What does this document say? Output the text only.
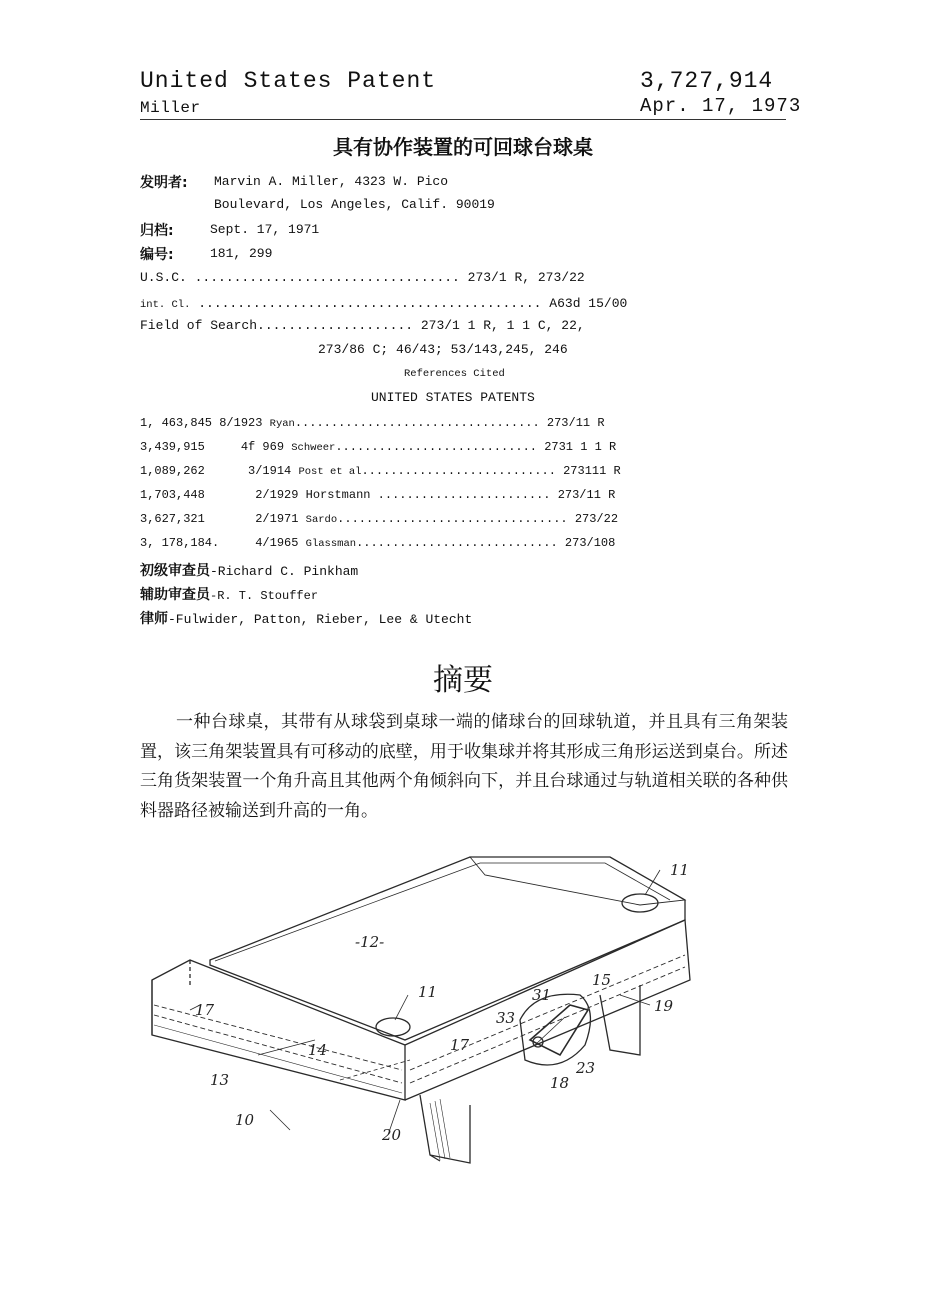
United States Patent	3,727,914
Miller	Apr. 17, 1973
具有协作装置的可回球台球桌
发明者: Marvin A. Miller, 4323 W. Pico
Boulevard, Los Angeles, Calif. 90019
归档:	Sept. 17, 1971
编号:	181, 299
U.S.C. .................................. 273/1 R, 273/22
int. Cl. ............................................ A63d 15/00
Field of Search.................... 273/1 1 R, 1 1 C, 22,
273/86 C; 46/43; 53/143,245, 246
References Cited
UNITED STATES PATENTS
1, 463,845 8/1923 Ryan.................................. 273/11 R
3,439,915	4f 969 Schweer............................ 2731 1 1 R
1,089,262	3/1914 Post et al........................... 273111 R
1,703,448	2/1929 Horstmann ........................ 273/11 R
3,627,321	2/1971 Sardo................................ 273/22
3, 178,184.	4/1965 Glassman............................ 273/108
初级审查员-Richard C. Pinkham
辅助审查员-R. T. Stouffer
律师-Fulwider, Patton, Rieber, Lee & Utecht
摘要
一种台球桌，其带有从球袋到桌球一端的储球台的回球轨道，并且具有三角架装置，该三角架装置具有可移动的底壁，用于收集球并将其形成三角形运送到桌台。所述三角货架装置一个角升高且其他两个角倾斜向下，并且台球通过与轨道相关联的各种供料器路径被输送到升高的一角。
11
-12-
11
17
14
13
10
20
17
31
33
15
18
23
19
